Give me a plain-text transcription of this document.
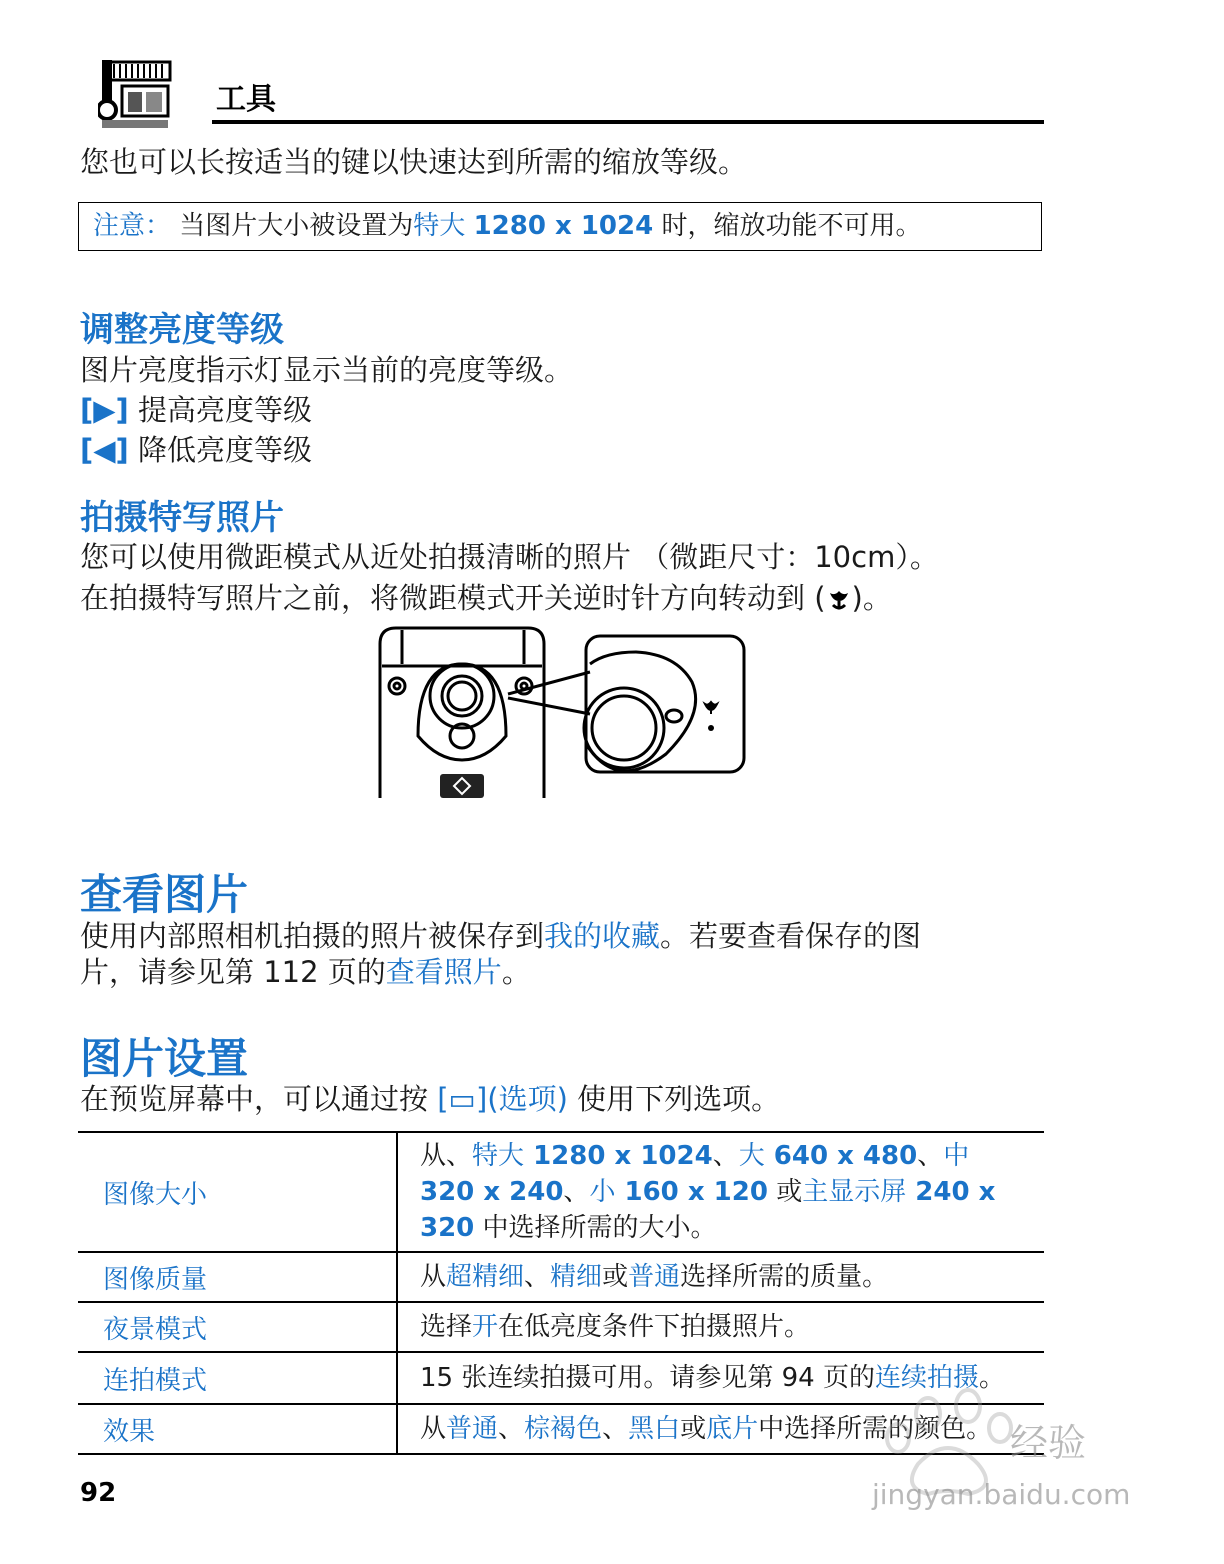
工具
您也可以长按适当的键以快速达到所需的缩放等级。
注意： 当图片大小被设置为特大 1280 x 1024 时，缩放功能不可用。
调整亮度等级
图片亮度指示灯显示当前的亮度等级。
[▶] 提高亮度等级
[◀] 降低亮度等级
拍摄特写照片
您可以使用微距模式从近处拍摄清晰的照片 （微距尺寸：10cm）。
在拍摄特写照片之前，将微距模式开关逆时针方向转动到 ( )。
查看图片
使用内部照相机拍摄的照片被保存到我的收藏。若要查看保存的图
片，请参见第 112 页的查看照片。
图片设置
在预览屏幕中，可以通过按 [▭](选项) 使用下列选项。
图像大小	从、特大 1280 x 1024、大 640 x 480、中 320 x 240、小 160 x 120 或主显示屏 240 x 320 中选择所需的大小。
图像质量	从超精细、精细或普通选择所需的质量。
夜景模式	选择开在低亮度条件下拍摄照片。
连拍模式	15 张连续拍摄可用。请参见第 94 页的连续拍摄。
效果	从普通、棕褐色、黑白或底片中选择所需的颜色。
92
经验
jingyan.baidu.com
